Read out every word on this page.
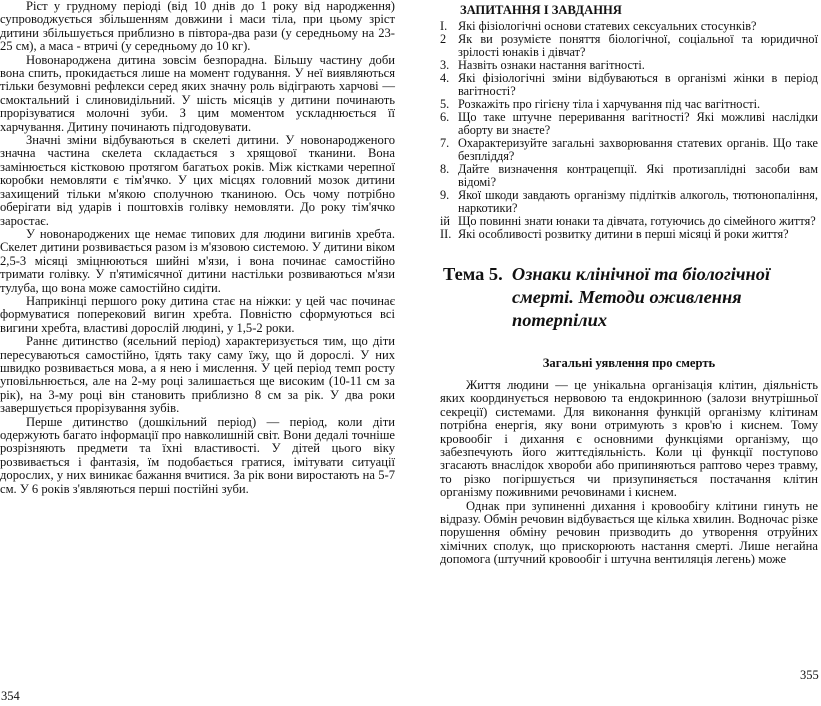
Ріст у грудному періоді (від 10 днів до 1 року від народження) супроводжується збільшенням довжини і маси тіла, при цьому зріст дитини збільшується приблизно в півтора-два рази (у середньому на 23-25 см), а маса - втричі (у середньому до 10 кг).

Новонароджена дитина зовсім безпорадна. Більшу частину доби вона спить, прокидається лише на момент годування. У неї виявляються тільки безумовні рефлекси серед яких значну роль відіграють харчові — смоктальний і слиновидільний. У шість місяців у дитини починають прорізуватися молочні зуби. З цим моментом ускладнюється її харчування. Дитину починають підгодовувати.

Значні зміни відбуваються в скелеті дитини. У новонародженого значна частина скелета складається з хрящової тканини. Вона замінюється кістковою протягом багатьох років. Між кістками черепної коробки немовляти є тім'ячко. У цих місцях головний мозок дитини захищений тільки м'якою сполучною тканиною. Ось чому потрібно оберігати від ударів і поштовхів голівку немовляти. До року тім'ячко заростає.

У новонароджених ще немає типових для людини вигинів хребта. Скелет дитини розвивається разом із м'язовою системою. У дитини віком 2,5-3 місяці зміцнюються шийні м'язи, і вона починає самостійно тримати голівку. У п'ятимісячної дитини настільки розвиваються м'язи тулуба, що вона може самостійно сидіти.

Наприкінці першого року дитина стає на ніжки: у цей час починає формуватися поперековий вигин хребта. Повністю сформуються всі вигини хребта, властиві дорослій людині, у 1,5-2 роки.

Раннє дитинство (ясельний період) характеризується тим, що діти пересуваються самостійно, їдять таку саму їжу, що й дорослі. У них швидко розвивається мова, а я нею і мислення. У цей період темп росту уповільнюється, але на 2-му році залишається ще високим (10-11 см за рік), на 3-му році він становить приблизно 8 см за рік. У два роки завершується прорізування зубів.

Перше дитинство (дошкільний період) — період, коли діти одержують багато інформації про навколишній світ. Вони дедалі точніше розрізняють предмети та їхні властивості. У дітей цього віку розвивається і фантазія, їм подобається гратися, імітувати ситуації дорослих, у них виникає бажання вчитися. За рік вони виростають на 5-7 см. У 6 років з'являються перші постійні зуби.

354
ЗАПИТАННЯ І ЗАВДАННЯ
І. Які фізіологічні основи статевих сексуальних стосунків?
2 Як ви розумієте поняття біологічної, соціальної та юридичної зрілості юнаків і дівчат?
3. Назвіть ознаки настання вагітності.
4. Які фізіологічні зміни відбуваються в організмі жінки в період вагітності?
5. Розкажіть про гігієну тіла і харчування під час вагітності.
6. Що таке штучне переривання вагітності? Які можливі наслідки аборту ви знаєте?
7. Охарактеризуйте загальні захворювання статевих органів. Що таке безпліддя?
8. Дайте визначення контрацепції. Які протизаплідні засоби вам відомі?
9. Якої шкоди завдають організму підлітків алкоголь, тютюнопаління, наркотики?
ій Що повинні знати юнаки та дівчата, готуючись до сімейного життя?
ІІ. Які особливості розвитку дитини в перші місяці й роки життя?
Тема 5. Ознаки клінічної та біологічної
смерті. Методи оживлення
потерпілих
Загальні уявлення про смерть

Життя людини — це унікальна організація клітин, діяльність яких координується нервовою та ендокринною (залози внутрішньої секреції) системами. Для виконання функцій організму клітинам потрібна енергія, яку вони отримують з кров'ю і киснем. Тому кровообіг і дихання є основними функціями організму, що забезпечують його життєдіяльність. Коли ці функції поступово згасають внаслідок хвороби або припиняються раптово через травму, то різко погіршується чи призупиняється постачання клітин організму поживними речовинами і киснем.

Однак при зупиненні дихання і кровообігу клітини гинуть не відразу. Обмін речовин відбувається ще кілька хвилин. Водночас різке порушення обміну речовин призводить до утворення отруйних хімічних сполук, що прискорюють настання смерті. Лише негайна допомога (штучний кровообіг і штучна вентиляція легень) може

355
